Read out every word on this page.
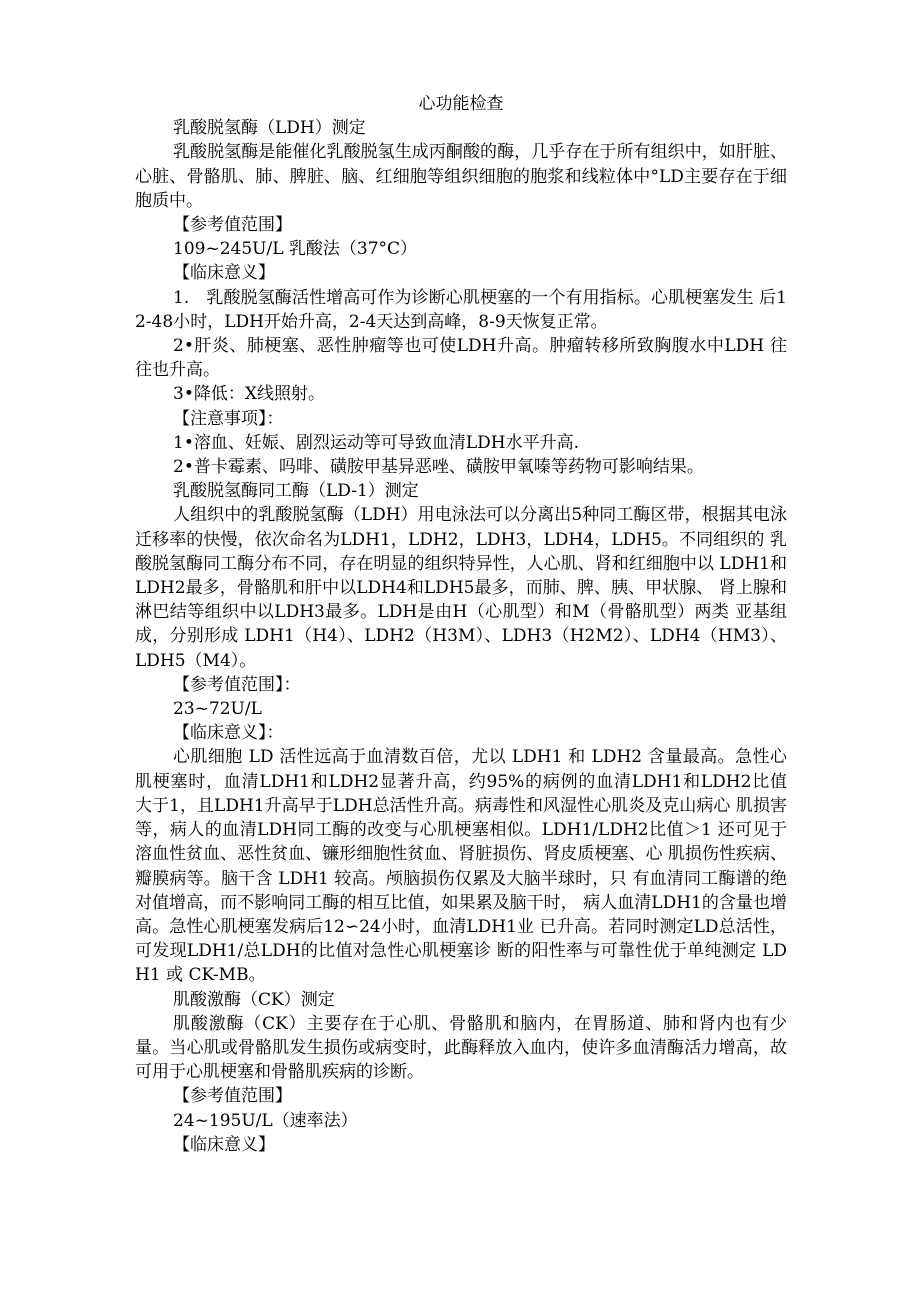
心功能检查

乳酸脱氢酶（LDH）测定

乳酸脱氢酶是能催化乳酸脱氢生成丙酮酸的酶，几乎存在于所有组织中，如肝脏、心脏、骨骼肌、肺、脾脏、脑、红细胞等组织细胞的胞浆和线粒体中°LD主要存在于细胞质中。

【参考值范围】

109~245U/L 乳酸法（37°C）

【临床意义】

1.　乳酸脱氢酶活性增高可作为诊断心肌梗塞的一个有用指标。心肌梗塞发生 后12-48小时，LDH开始升高，2-4天达到高峰，8-9天恢复正常。

2•肝炎、肺梗塞、恶性肿瘤等也可使LDH升高。肿瘤转移所致胸腹水中LDH 往往也升高。

3•降低：X线照射。

【注意事项】：

1•溶血、妊娠、剧烈运动等可导致血清LDH水平升高.

2•普卡霉素、吗啡、磺胺甲基异恶唑、磺胺甲氧嗪等药物可影响结果。

乳酸脱氢酶同工酶（LD-1）测定

人组织中的乳酸脱氢酶（LDH）用电泳法可以分离出5种同工酶区带，根据其电泳迁移率的快慢，依次命名为LDH1，LDH2，LDH3，LDH4，LDH5。不同组织的 乳酸脱氢酶同工酶分布不同，存在明显的组织特异性，人心肌、肾和红细胞中以 LDH1和LDH2最多，骨骼肌和肝中以LDH4和LDH5最多，而肺、脾、胰、甲状腺、 肾上腺和淋巴结等组织中以LDH3最多。LDH是由H（心肌型）和M（骨骼肌型）两类 亚基组成，分别形成 LDH1（H4）、LDH2（H3M）、LDH3（H2M2）、LDH4（HM3）、LDH5（M4）。

【参考值范围】：

23~72U/L

【临床意义】：

心肌细胞 LD 活性远高于血清数百倍，尤以 LDH1 和 LDH2 含量最高。急性心 肌梗塞时，血清LDH1和LDH2显著升高，约95%的病例的血清LDH1和LDH2比值 大于1，且LDH1升高早于LDH总活性升高。病毒性和风湿性心肌炎及克山病心 肌损害等，病人的血清LDH同工酶的改变与心肌梗塞相似。LDH1/LDH2比值＞1 还可见于溶血性贫血、恶性贫血、镰形细胞性贫血、肾脏损伤、肾皮质梗塞、心 肌损伤性疾病、瓣膜病等。脑干含 LDH1 较高。颅脑损伤仅累及大脑半球时，只 有血清同工酶谱的绝对值增高，而不影响同工酶的相互比值，如果累及脑干时， 病人血清LDH1的含量也增高。急性心肌梗塞发病后12∽24小时，血清LDH1业 已升高。若同时测定LD总活性，可发现LDH1/总LDH的比值对急性心肌梗塞诊 断的阳性率与可靠性优于单纯测定 LDH1 或 CK-MB。

肌酸激酶（CK）测定

肌酸激酶（CK）主要存在于心肌、骨骼肌和脑内，在胃肠道、肺和肾内也有少量。当心肌或骨骼肌发生损伤或病变时，此酶释放入血内，使许多血清酶活力增高，故可用于心肌梗塞和骨骼肌疾病的诊断。

【参考值范围】

24~195U/L（速率法）

【临床意义】
